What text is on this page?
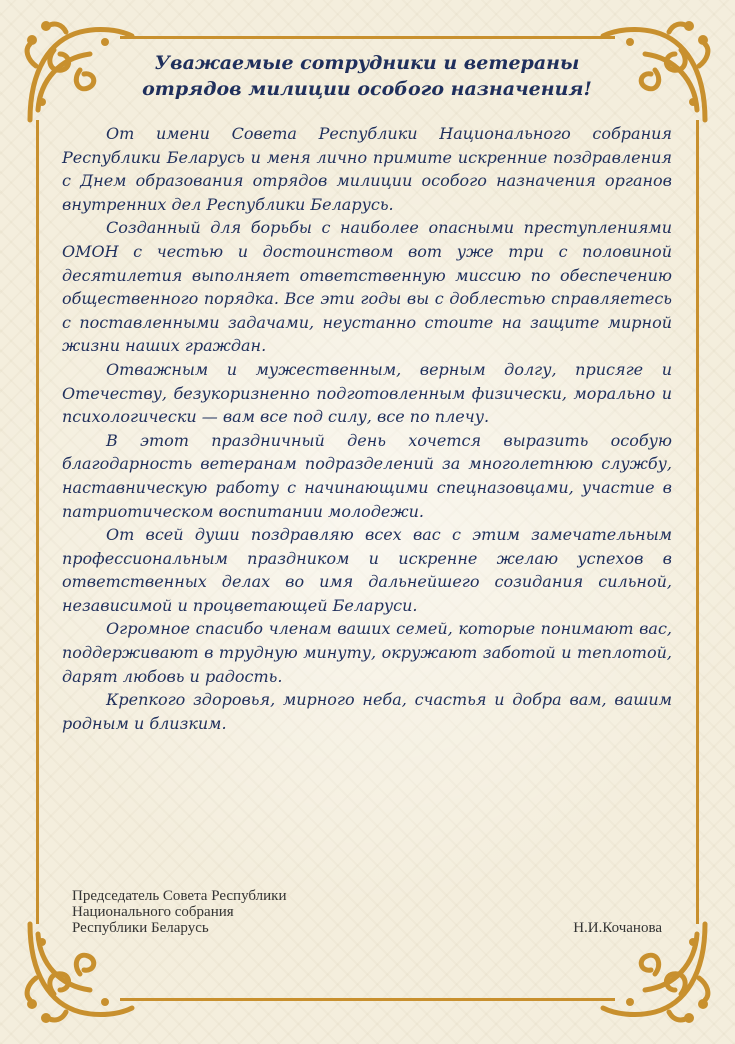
Уважаемые сотрудники и ветераны
отрядов милиции особого назначения!

От имени Совета Республики Национального собрания Республики Беларусь и меня лично примите искренние поздравления с Днем образования отрядов милиции особого назначения органов внутренних дел Республики Беларусь.

Созданный для борьбы с наиболее опасными преступлениями ОМОН с честью и достоинством вот уже три с половиной десятилетия выполняет ответственную миссию по обеспечению общественного порядка. Все эти годы вы с доблестью справляетесь с поставленными задачами, неустанно стоите на защите мирной жизни наших граждан.

Отважным и мужественным, верным долгу, присяге и Отечеству, безукоризненно подготовленным физически, морально и психологически — вам все под силу, все по плечу.

В этот праздничный день хочется выразить особую благодарность ветеранам подразделений за многолетнюю службу, наставническую работу с начинающими спецназовцами, участие в патриотическом воспитании молодежи.

От всей души поздравляю всех вас с этим замечательным профессиональным праздником и искренне желаю успехов в ответственных делах во имя дальнейшего созидания сильной, независимой и процветающей Беларуси.

Огромное спасибо членам ваших семей, которые понимают вас, поддерживают в трудную минуту, окружают заботой и теплотой, дарят любовь и радость.

Крепкого здоровья, мирного неба, счастья и добра вам, вашим родным и близким.

Председатель Совета Республики
Национального собрания
Республики Беларусь	Н.И.Кочанова
